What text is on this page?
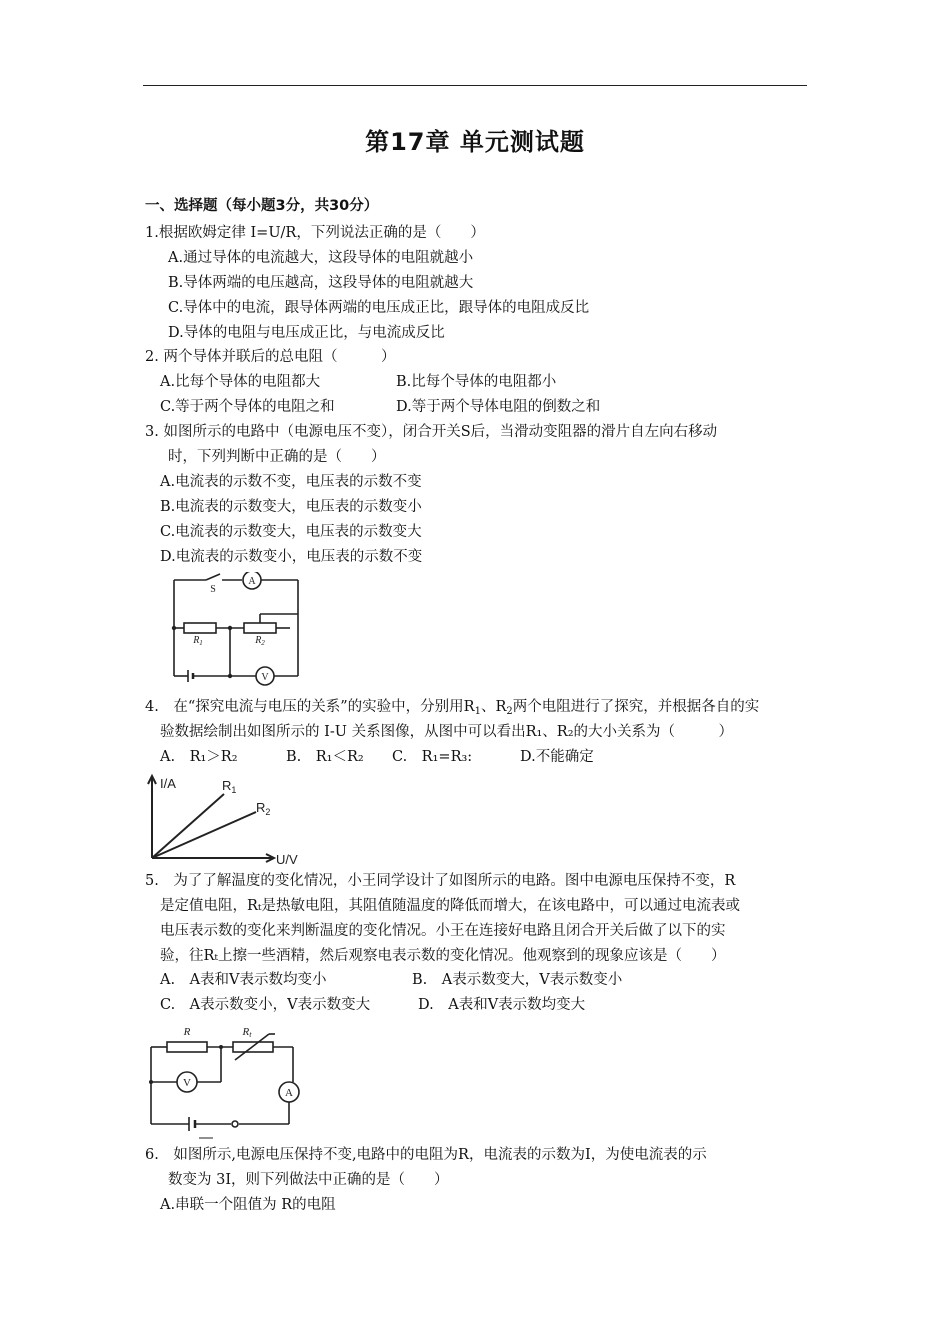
第17章 单元测试题
一、选择题（每小题3分，共30分）
1.根据欧姆定律 I=U/R，下列说法正确的是（　　）
A.通过导体的电流越大，这段导体的电阻就越小
B.导体两端的电压越高，这段导体的电阻就越大
C.导体中的电流，跟导体两端的电压成正比，跟导体的电阻成反比
D.导体的电阻与电压成正比，与电流成反比
2. 两个导体并联后的总电阻（　　　）
A.比每个导体的电阻都大	B.比每个导体的电阻都小
C.等于两个导体的电阻之和	D.等于两个导体电阻的倒数之和
3. 如图所示的电路中（电源电压不变），闭合开关S后，当滑动变阻器的滑片自左向右移动
时，下列判断中正确的是（　　）
A.电流表的示数不变，电压表的示数不变
B.电流表的示数变大，电压表的示数变小
C.电流表的示数变大，电压表的示数变大
D.电流表的示数变小，电压表的示数不变
S
A
V
$R_1$	$R_2$
4.　在“探究电流与电压的关系”的实验中，分别用$R_1$、$R_2$两个电阻进行了探究，并根据各自的实
验数据绘制出如图所示的 I-U 关系图像，从图中可以看出R₁、R₂的大小关系为（　　　）
A.　R₁＞R₂	B.　R₁＜R₂ C.　R₁=R₃:	D.不能确定
I/A
U/V
$R_1$
$R_2$
5.　为了了解温度的变化情况，小王同学设计了如图所示的电路。图中电源电压保持不变，R
是定值电阻，Rₜ是热敏电阻，其阻值随温度的降低而增大，在该电路中，可以通过电流表或
电压表示数的变化来判断温度的变化情况。小王在连接好电路且闭合开关后做了以下的实
验，往Rₜ上擦一些酒精，然后观察电表示数的变化情况。他观察到的现象应该是（　　）
A.　A表和V表示数均变小	B.　A表示数变大，V表示数变小
C.　A表示数变小，V表示数变大	D.　A表和V表示数均变大
R	Rt
V
A
6.　如图所示,电源电压保持不变,电路中的电阻为R，电流表的示数为I，为使电流表的示
数变为 3I，则下列做法中正确的是（　　）
A.串联一个阻值为 R的电阻
